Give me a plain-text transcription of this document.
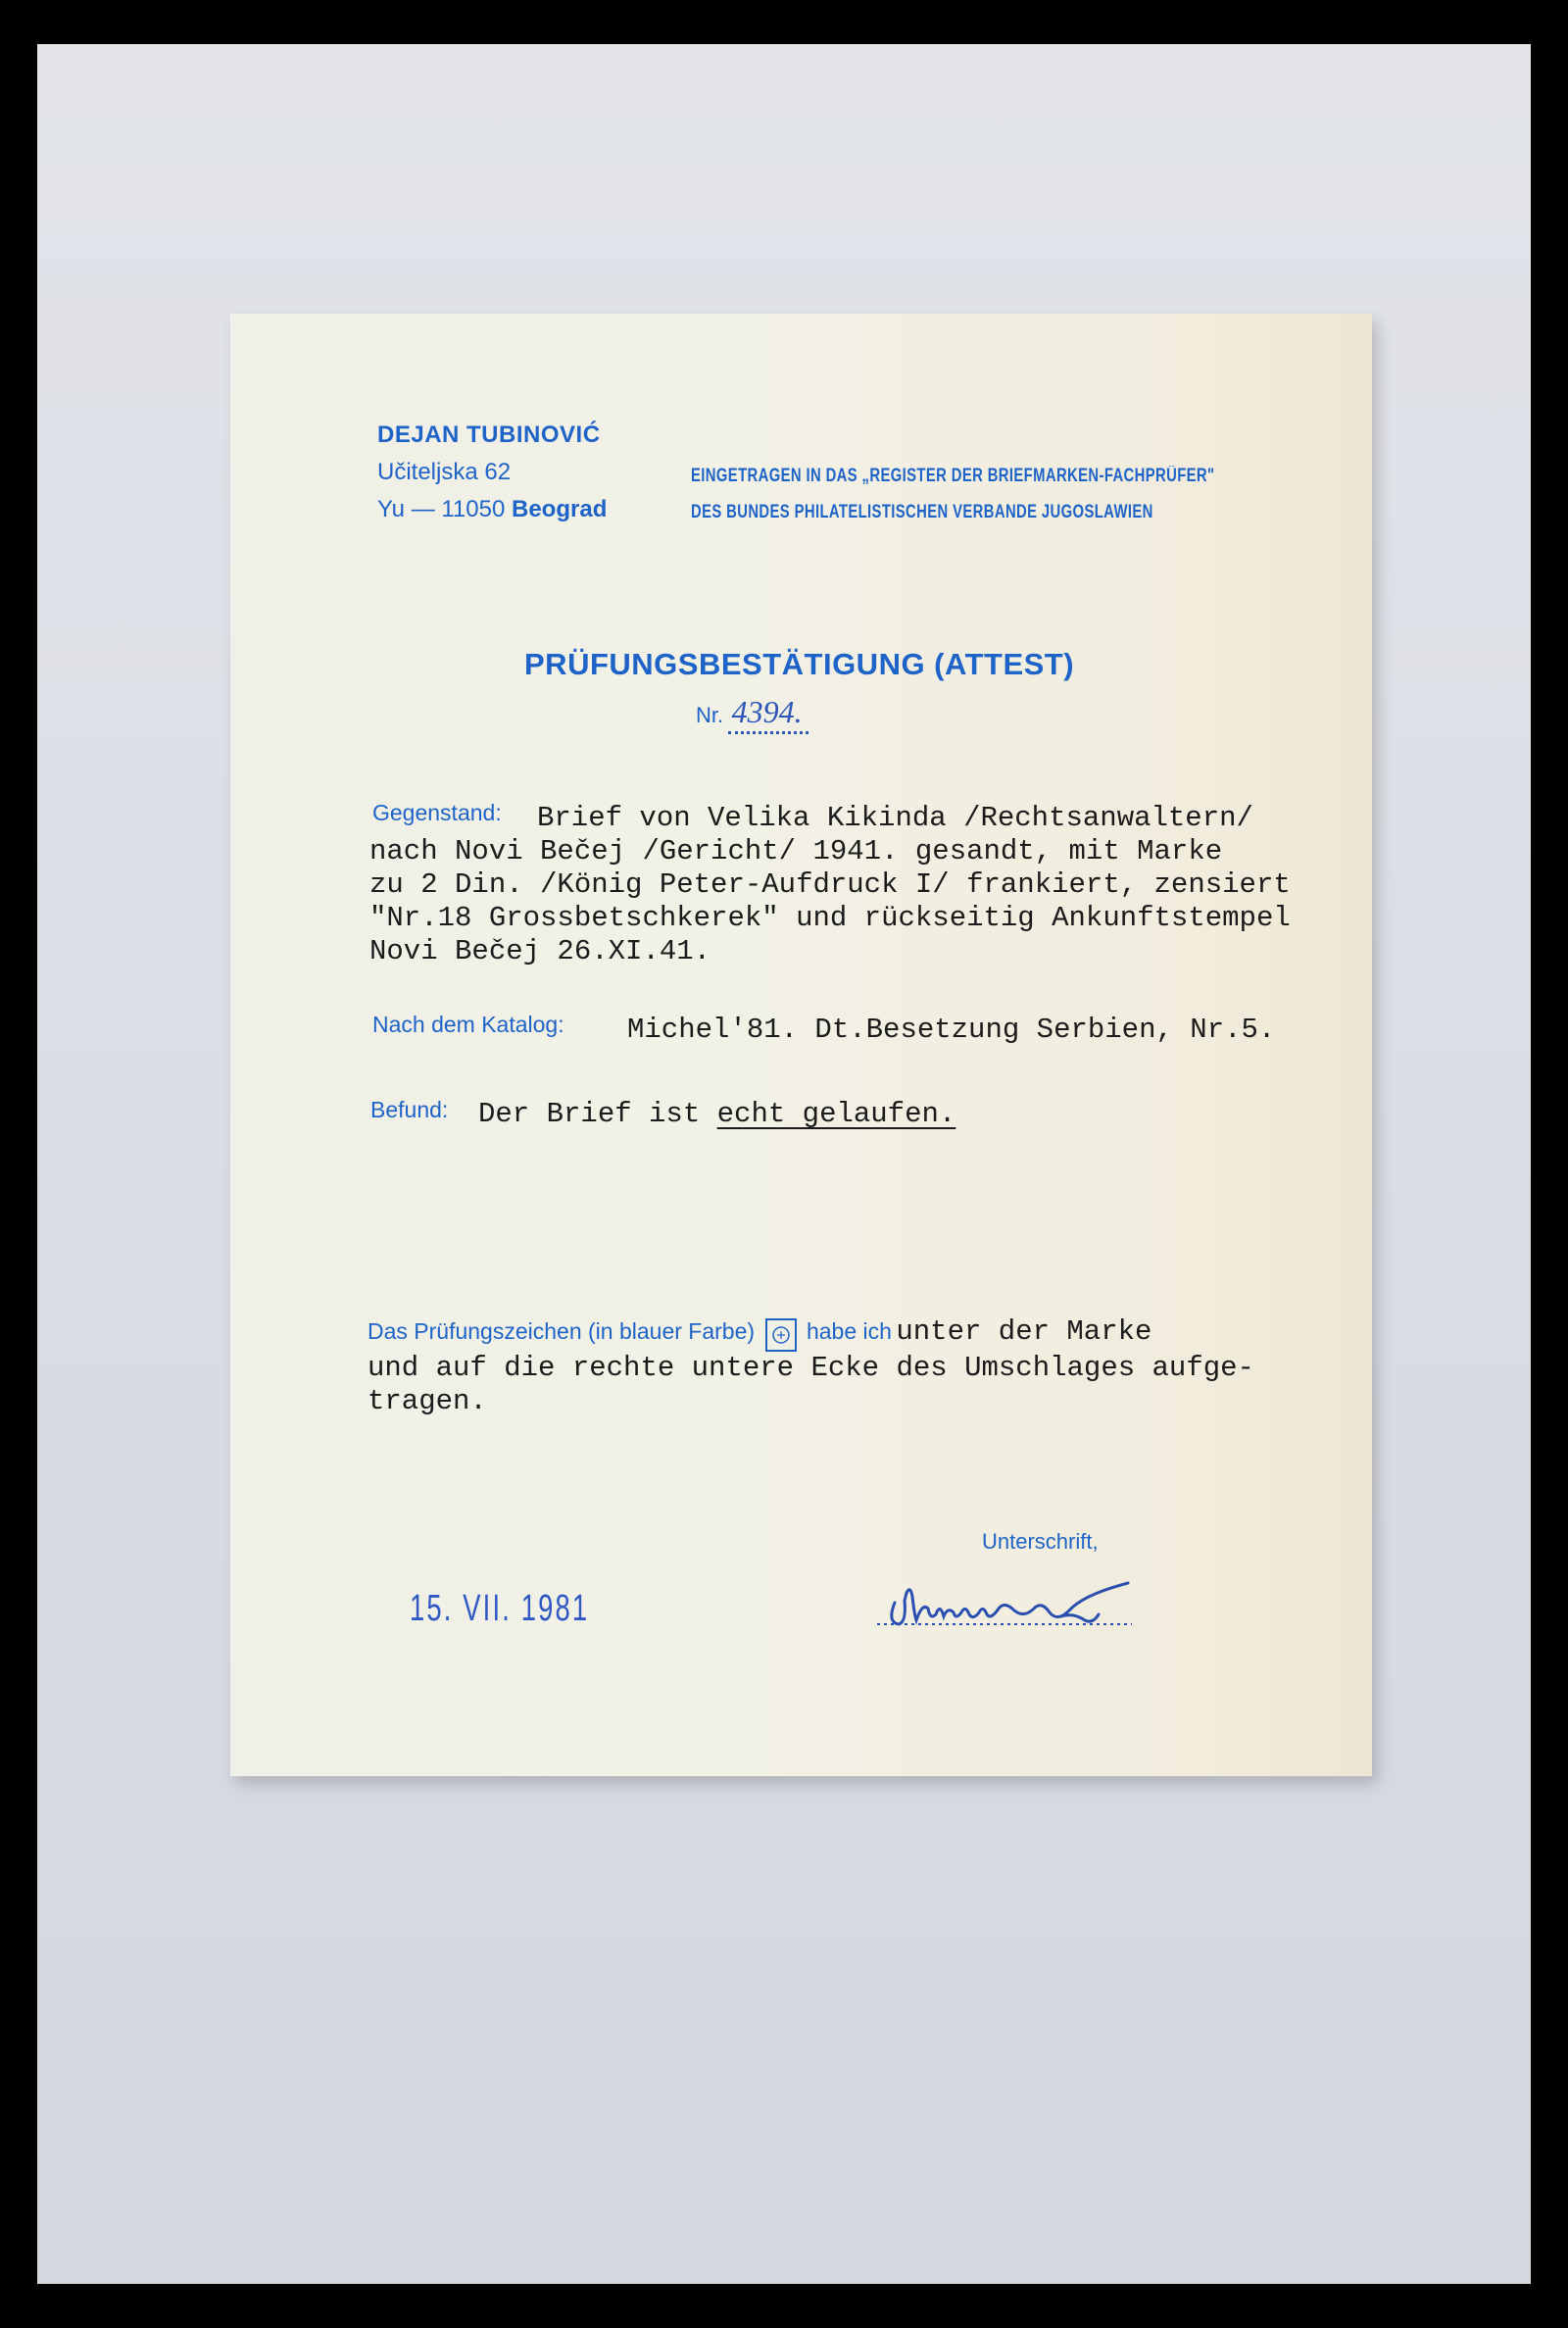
DEJAN TUBINOVIĆ
Učiteljska 62
Yu — 11050 Beograd
EINGETRAGEN IN DAS „REGISTER DER BRIEFMARKEN-FACHPRÜFER"
DES BUNDES PHILATELISTISCHEN VERBANDE JUGOSLAWIEN
PRÜFUNGSBESTÄTIGUNG (ATTEST)
Nr. 4394.
Gegenstand: Brief von Velika Kikinda /Rechtsanwaltern/
nach Novi Bečej /Gericht/ 1941. gesandt, mit Marke
zu 2 Din. /König Peter-Aufdruck I/ frankiert, zensiert
"Nr.18 Grossbetschkerek" und rückseitig Ankunftstempel
Novi Bečej 26.XI.41.
Nach dem Katalog: Michel'81. Dt.Besetzung Serbien, Nr.5.
Befund: Der Brief ist echt gelaufen.
Das Prüfungszeichen (in blauer Farbe) habe ich unter der Marke
und auf die rechte untere Ecke des Umschlages aufge-
tragen.
Unterschrift,
15. VII. 1981
